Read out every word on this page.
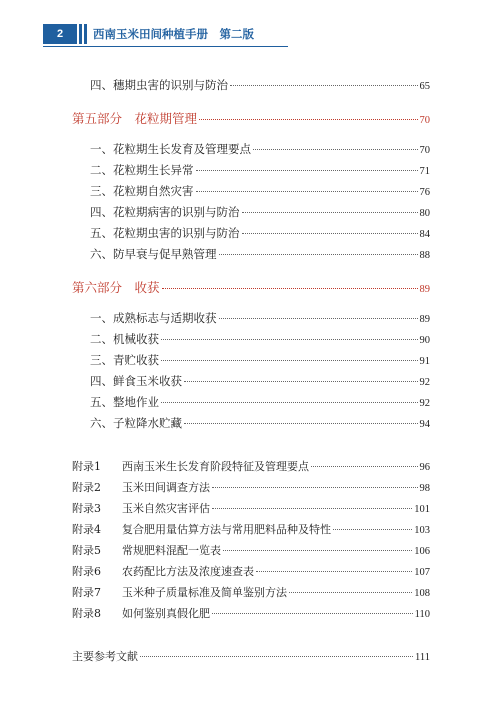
2	西南玉米田间种植手册　第二版
四、穗期虫害的识别与防治	65
第五部分　花粒期管理	70
一、花粒期生长发育及管理要点	70
二、花粒期生长异常	71
三、花粒期自然灾害	76
四、花粒期病害的识别与防治	80
五、花粒期虫害的识别与防治	84
六、防早衰与促早熟管理	88
第六部分　收获	89
一、成熟标志与适期收获	89
二、机械收获	90
三、青贮收获	91
四、鲜食玉米收获	92
五、整地作业	92
六、子粒降水贮藏	94
附录1 西南玉米生长发育阶段特征及管理要点	96
附录2 玉米田间调查方法	98
附录3 玉米自然灾害评估	101
附录4 复合肥用量估算方法与常用肥料品种及特性	103
附录5 常规肥料混配一览表	106
附录6 农药配比方法及浓度速查表	107
附录7 玉米种子质量标准及简单鉴别方法	108
附录8 如何鉴别真假化肥	110
主要参考文献	111
